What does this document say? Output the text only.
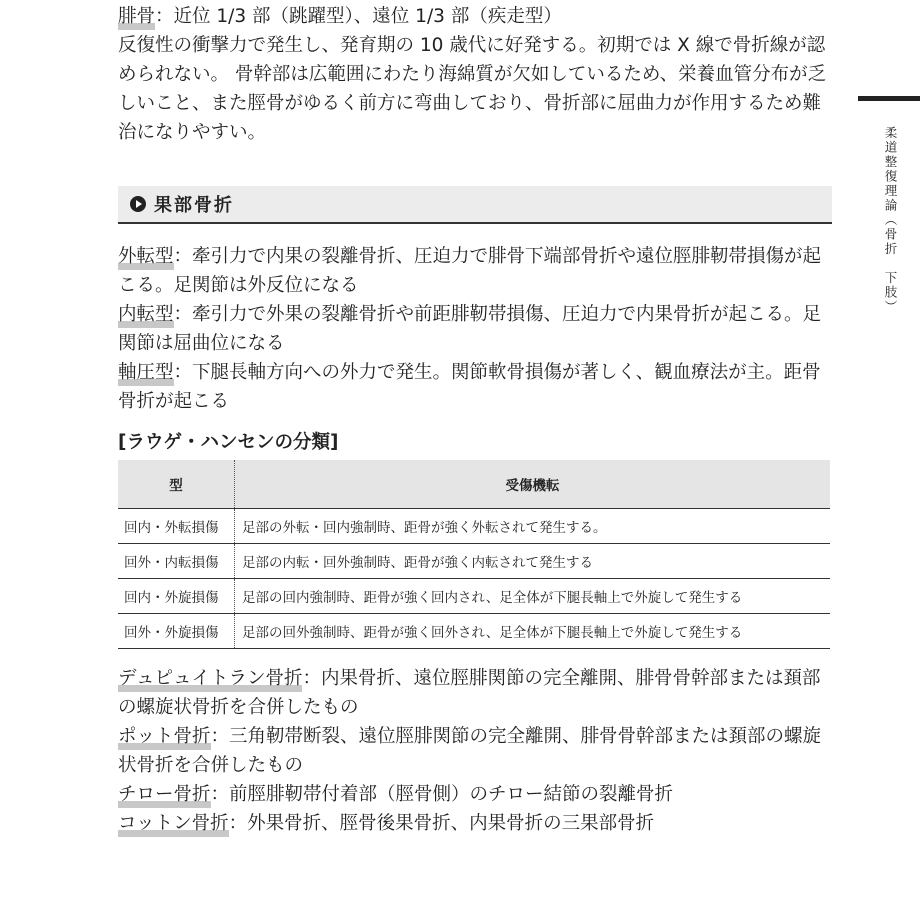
腓骨：近位 1/3 部（跳躍型）、遠位 1/3 部（疾走型）
反復性の衝撃力で発生し、発育期の 10 歳代に好発する。初期では X 線で骨折線が認められない。 骨幹部は広範囲にわたり海綿質が欠如しているため、栄養血管分布が乏しいこと、また脛骨がゆるく前方に弯曲しており、骨折部に屈曲力が作用するため難治になりやすい。
果部骨折
外転型：牽引力で内果の裂離骨折、圧迫力で腓骨下端部骨折や遠位脛腓靭帯損傷が起こる。足関節は外反位になる
内転型：牽引力で外果の裂離骨折や前距腓靭帯損傷、圧迫力で内果骨折が起こる。足関節は屈曲位になる
軸圧型：下腿長軸方向への外力で発生。関節軟骨損傷が著しく、観血療法が主。距骨骨折が起こる
[ラウゲ・ハンセンの分類]
型	受傷機転
回内・外転損傷	足部の外転・回内強制時、距骨が強く外転されて発生する。
回外・内転損傷	足部の内転・回外強制時、距骨が強く内転されて発生する
回内・外旋損傷	足部の回内強制時、距骨が強く回内され、足全体が下腿長軸上で外旋して発生する
回外・外旋損傷	足部の回外強制時、距骨が強く回外され、足全体が下腿長軸上で外旋して発生する
デュピュイトラン骨折：内果骨折、遠位脛腓関節の完全離開、腓骨骨幹部または頚部の螺旋状骨折を合併したもの
ポット骨折：三角靭帯断裂、遠位脛腓関節の完全離開、腓骨骨幹部または頚部の螺旋状骨折を合併したもの
チロー骨折：前脛腓靭帯付着部（脛骨側）のチロー結節の裂離骨折
コットン骨折：外果骨折、脛骨後果骨折、内果骨折の三果部骨折
柔道整復理論（骨折　下肢）
